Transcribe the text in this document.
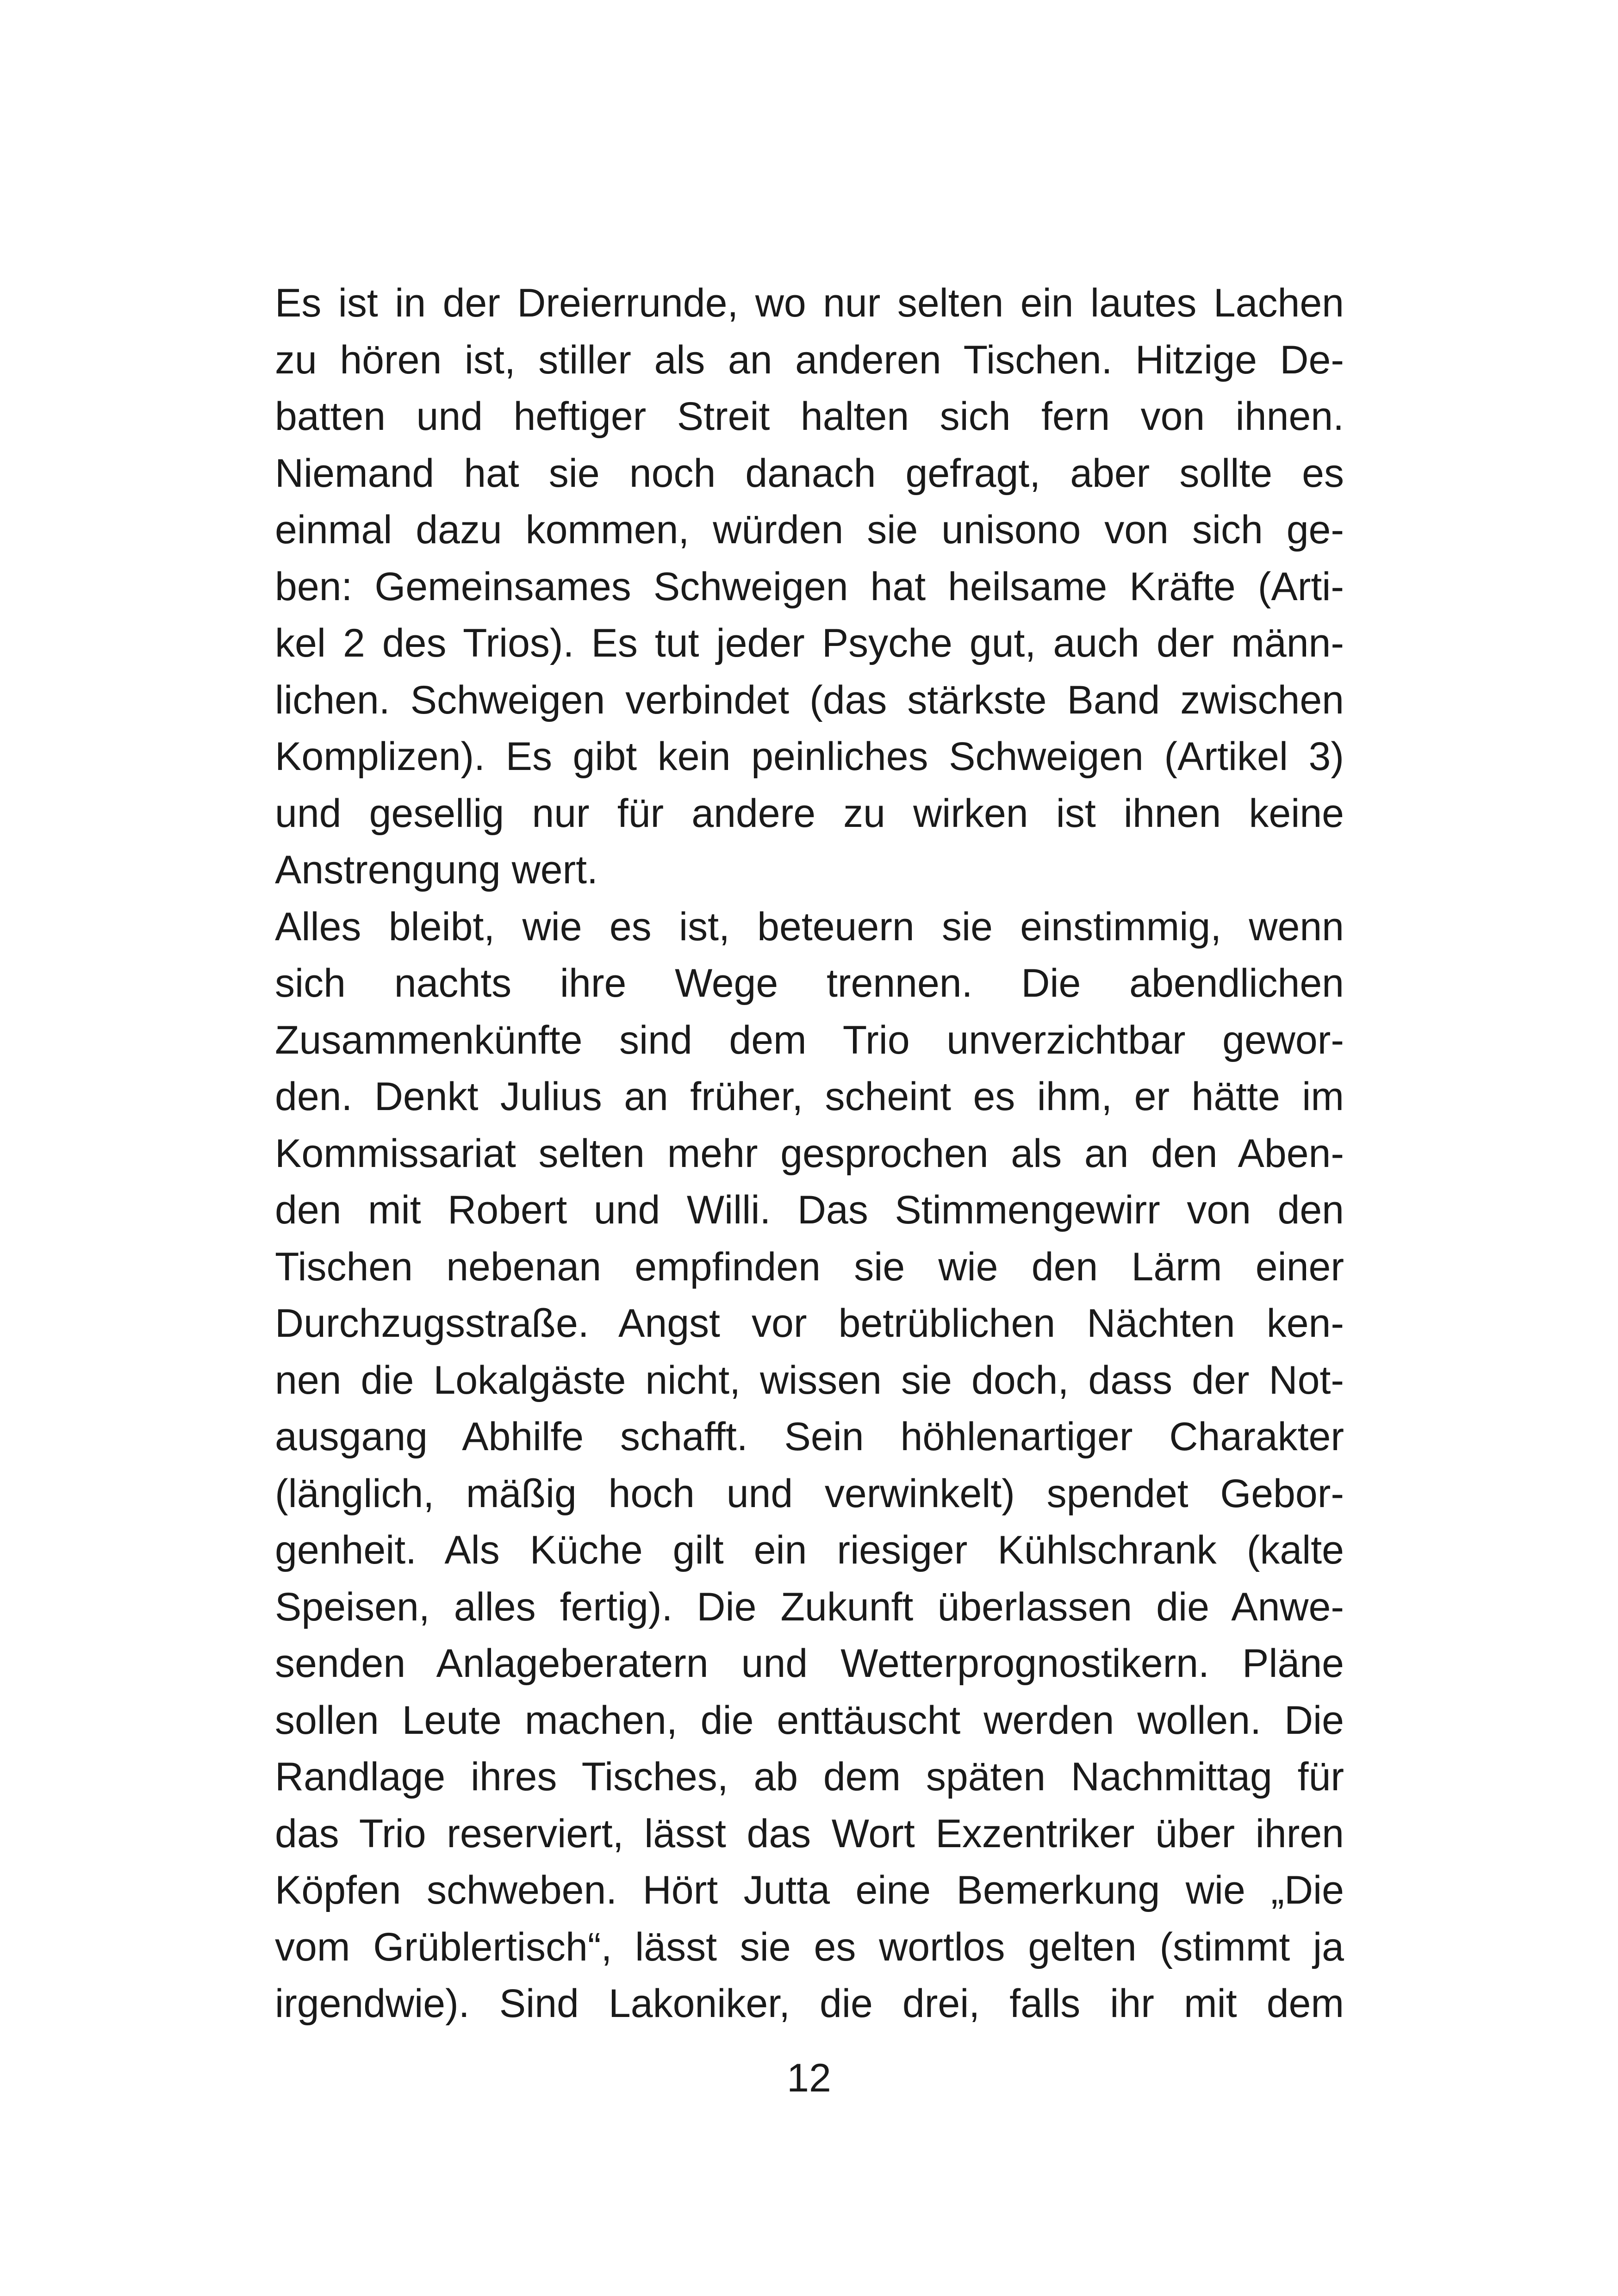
Es ist in der Dreierrunde, wo nur selten ein lautes Lachen
zu hören ist, stiller als an anderen Tischen. Hitzige De-
batten und heftiger Streit halten sich fern von ihnen.
Niemand hat sie noch danach gefragt, aber sollte es
einmal dazu kommen, würden sie unisono von sich ge-
ben: Gemeinsames Schweigen hat heilsame Kräfte (Arti-
kel 2 des Trios). Es tut jeder Psyche gut, auch der männ-
lichen. Schweigen verbindet (das stärkste Band zwischen
Komplizen). Es gibt kein peinliches Schweigen (Artikel 3)
und gesellig nur für andere zu wirken ist ihnen keine
Anstrengung wert.
Alles bleibt, wie es ist, beteuern sie einstimmig, wenn
sich nachts ihre Wege trennen. Die abendlichen
Zusammenkünfte sind dem Trio unverzichtbar gewor-
den. Denkt Julius an früher, scheint es ihm, er hätte im
Kommissariat selten mehr gesprochen als an den Aben-
den mit Robert und Willi. Das Stimmengewirr von den
Tischen nebenan empfinden sie wie den Lärm einer
Durchzugsstraße. Angst vor betrüblichen Nächten ken-
nen die Lokalgäste nicht, wissen sie doch, dass der Not-
ausgang Abhilfe schafft. Sein höhlenartiger Charakter
(länglich, mäßig hoch und verwinkelt) spendet Gebor-
genheit. Als Küche gilt ein riesiger Kühlschrank (kalte
Speisen, alles fertig). Die Zukunft überlassen die Anwe-
senden Anlageberatern und Wetterprognostikern. Pläne
sollen Leute machen, die enttäuscht werden wollen. Die
Randlage ihres Tisches, ab dem späten Nachmittag für
das Trio reserviert, lässt das Wort Exzentriker über ihren
Köpfen schweben. Hört Jutta eine Bemerkung wie „Die
vom Grüblertisch“, lässt sie es wortlos gelten (stimmt ja
irgendwie). Sind Lakoniker, die drei, falls ihr mit dem
12
